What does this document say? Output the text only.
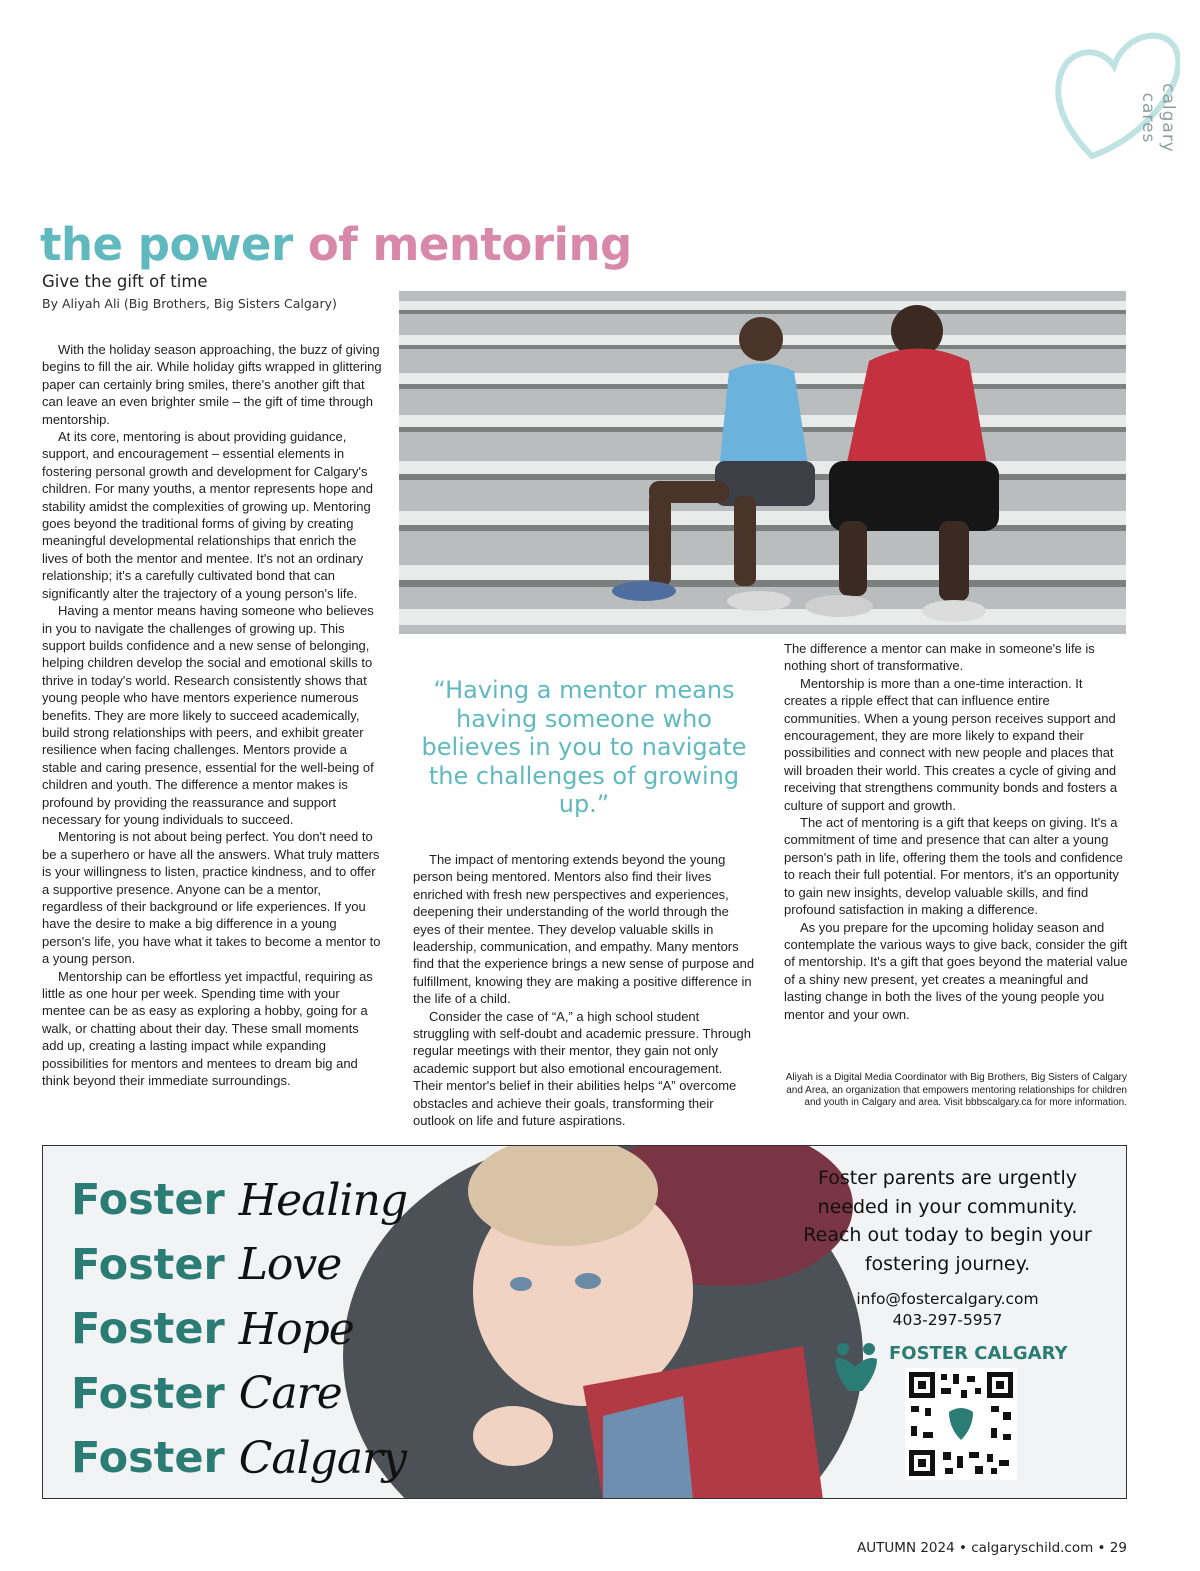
calgary cares
the power of mentoring
Give the gift of time
By Aliyah Ali (Big Brothers, Big Sisters Calgary)

With the holiday season approaching, the buzz of giving begins to fill the air. While holiday gifts wrapped in glittering paper can certainly bring smiles, there's another gift that can leave an even brighter smile – the gift of time through mentorship.

At its core, mentoring is about providing guidance, support, and encouragement – essential elements in fostering personal growth and development for Calgary's children. For many youths, a mentor represents hope and stability amidst the complexities of growing up. Mentoring goes beyond the traditional forms of giving by creating meaningful developmental relationships that enrich the lives of both the mentor and mentee. It's not an ordinary relationship; it's a carefully cultivated bond that can significantly alter the trajectory of a young person's life.

Having a mentor means having someone who believes in you to navigate the challenges of growing up. This support builds confidence and a new sense of belonging, helping children develop the social and emotional skills to thrive in today's world. Research consistently shows that young people who have mentors experience numerous benefits. They are more likely to succeed academically, build strong relationships with peers, and exhibit greater resilience when facing challenges. Mentors provide a stable and caring presence, essential for the well-being of children and youth. The difference a mentor makes is profound by providing the reassurance and support necessary for young individuals to succeed.

Mentoring is not about being perfect. You don't need to be a superhero or have all the answers. What truly matters is your willingness to listen, practice kindness, and to offer a supportive presence. Anyone can be a mentor, regardless of their background or life experiences. If you have the desire to make a big difference in a young person's life, you have what it takes to become a mentor to a young person.

Mentorship can be effortless yet impactful, requiring as little as one hour per week. Spending time with your mentee can be as easy as exploring a hobby, going for a walk, or chatting about their day. These small moments add up, creating a lasting impact while expanding possibilities for mentors and mentees to dream big and think beyond their immediate surroundings.

“Having a mentor means having someone who believes in you to navigate the challenges of growing up.”

The impact of mentoring extends beyond the young person being mentored. Mentors also find their lives enriched with fresh new perspectives and experiences, deepening their understanding of the world through the eyes of their mentee. They develop valuable skills in leadership, communication, and empathy. Many mentors find that the experience brings a new sense of purpose and fulfillment, knowing they are making a positive difference in the life of a child.

Consider the case of “A,” a high school student struggling with self-doubt and academic pressure. Through regular meetings with their mentor, they gain not only academic support but also emotional encouragement. Their mentor's belief in their abilities helps “A” overcome obstacles and achieve their goals, transforming their outlook on life and future aspirations.

The difference a mentor can make in someone's life is nothing short of transformative.

Mentorship is more than a one-time interaction. It creates a ripple effect that can influence entire communities. When a young person receives support and encouragement, they are more likely to expand their possibilities and connect with new people and places that will broaden their world. This creates a cycle of giving and receiving that strengthens community bonds and fosters a culture of support and growth.

The act of mentoring is a gift that keeps on giving. It's a commitment of time and presence that can alter a young person's path in life, offering them the tools and confidence to reach their full potential. For mentors, it's an opportunity to gain new insights, develop valuable skills, and find profound satisfaction in making a difference.

As you prepare for the upcoming holiday season and contemplate the various ways to give back, consider the gift of mentorship. It's a gift that goes beyond the material value of a shiny new present, yet creates a meaningful and lasting change in both the lives of the young people you mentor and your own.

Aliyah is a Digital Media Coordinator with Big Brothers, Big Sisters of Calgary and Area, an organization that empowers mentoring relationships for children and youth in Calgary and area. Visit bbbscalgary.ca for more information.
Foster Healing
Foster Love
Foster Hope
Foster Care
Foster Calgary
Foster parents are urgently needed in your community. Reach out today to begin your fostering journey.
info@fostercalgary.com
403-297-5957
FOSTER CALGARY
AUTUMN 2024 • calgaryschild.com • 29
